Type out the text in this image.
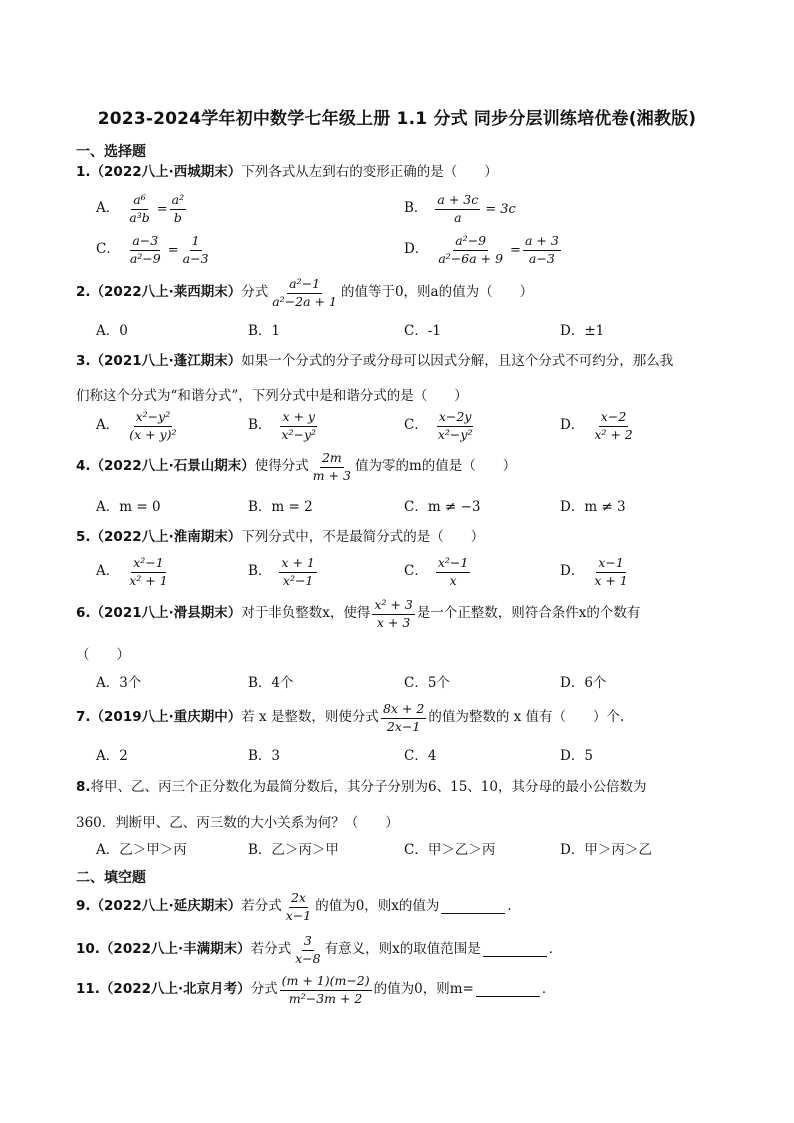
2023-2024学年初中数学七年级上册 1.1 分式 同步分层训练培优卷(湘教版)
一、选择题
1. （2022八上·西城期末） 下列各式从左到右的变形正确的是（　　）
A． $\frac{\text{a⁶}}{\text{a³b}} = \frac{\text{a²}}{b}$	B． $\frac{a + 3c}{a} = 3c$
C． $\frac{a-3}{\text{a²−9}} = \frac{1}{a-3}$	D． $\frac{\text{a²−9}}{\text{a²−6a + 9}} = \frac{a + 3}{a-3}$
2. （2022八上·莱西期末） 分式 $\frac{\text{a²−1}}{\text{a²−2a + 1}}$ 的值等于0，则a的值为（　　）
A．0	B．1	C．-1	D．±1
3. （2021八上·蓬江期末） 如果一个分式的分子或分母可以因式分解，且这个分式不可约分，那么我
们称这个分式为“和谐分式”，下列分式中是和谐分式的是（　　）
A． $\frac{\text{x²−y²}}{\text{(x + y)²}}$	B． $\frac{x + y}{\text{x²−y²}}$	C． $\frac{x-2y}{\text{x²−y²}}$	D． $\frac{x-2}{\text{x² + 2}}$
4. （2022八上·石景山期末） 使得分式 $\frac{2m}{m + 3}$ 值为零的m的值是（　　）
A．m = 0	B．m = 2	C．m ≠ −3	D．m ≠ 3
5. （2022八上·淮南期末） 下列分式中，不是最简分式的是（　　）
A． $\frac{\text{x²−1}}{\text{x² + 1}}$	B． $\frac{x + 1}{\text{x²−1}}$	C． $\frac{\text{x²−1}}{x}$	D． $\frac{x-1}{x + 1}$
6. （2021八上·滑县期末） 对于非负整数x，使得 $\frac{\text{x² + 3}}{x + 3}$ 是一个正整数，则符合条件x的个数有
（　　）
A．3个	B．4个	C．5个	D．6个
7. （2019八上·重庆期中） 若 x 是整数，则使分式 $\frac{8x + 2}{2x-1}$ 的值为整数的 x 值有（　　）个.
A．2	B．3	C．4	D．5
8. 将甲、乙、丙三个正分数化为最简分数后，其分子分别为6、15、10，其分母的最小公倍数为
360．判断甲、乙、丙三数的大小关系为何？（　　）
A．乙＞甲＞丙	B．乙＞丙＞甲	C．甲＞乙＞丙	D．甲＞丙＞乙
二、填空题
9. （2022八上·延庆期末） 若分式 $\frac{2x}{x-1}$ 的值为0，则x的值为	．
10. （2022八上·丰满期末） 若分式 $\frac{3}{x-8}$ 有意义，则x的取值范围是	．
11. （2022八上·北京月考） 分式 $\frac{(m + 1)(m-2)}{\text{m²−3m + 2}}$ 的值为0，则m=	．
